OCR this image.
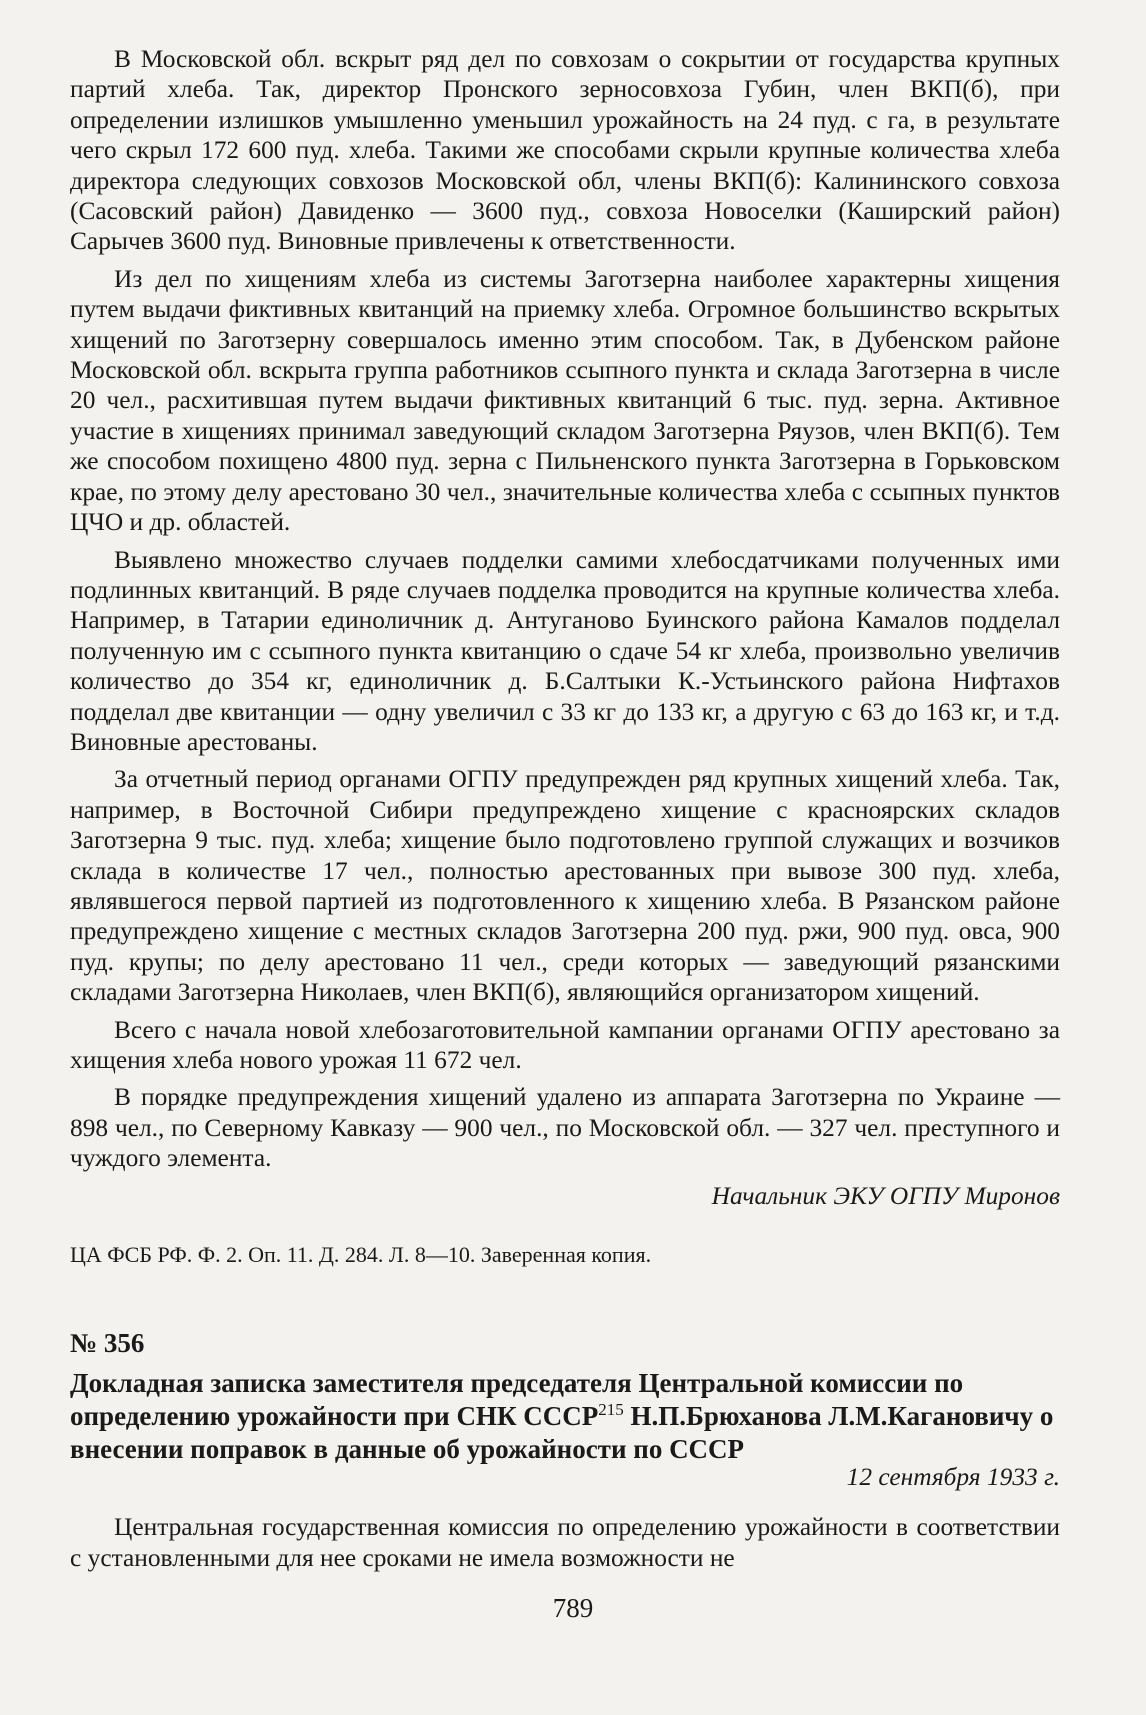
В Московской обл. вскрыт ряд дел по совхозам о сокрытии от государства крупных партий хлеба. Так, директор Пронского зерносовхоза Губин, член ВКП(б), при определении излишков умышленно уменьшил урожайность на 24 пуд. с га, в результате чего скрыл 172 600 пуд. хлеба. Такими же способами скрыли крупные количества хлеба директора следующих совхозов Московской обл, члены ВКП(б): Калининского совхоза (Сасовский район) Давиденко — 3600 пуд., совхоза Новоселки (Каширский район) Сарычев 3600 пуд. Виновные привлечены к ответственности.

Из дел по хищениям хлеба из системы Заготзерна наиболее характерны хищения путем выдачи фиктивных квитанций на приемку хлеба. Огромное большинство вскрытых хищений по Заготзерну совершалось именно этим способом. Так, в Дубенском районе Московской обл. вскрыта группа работников ссыпного пункта и склада Заготзерна в числе 20 чел., расхитившая путем выдачи фиктивных квитанций 6 тыс. пуд. зерна. Активное участие в хищениях принимал заведующий складом Заготзерна Ряузов, член ВКП(б). Тем же способом похищено 4800 пуд. зерна с Пильненского пункта Заготзерна в Горьковском крае, по этому делу арестовано 30 чел., значительные количества хлеба с ссыпных пунктов ЦЧО и др. областей.

Выявлено множество случаев подделки самими хлебосдатчиками полученных ими подлинных квитанций. В ряде случаев подделка проводится на крупные количества хлеба. Например, в Татарии единоличник д. Антуганово Буинского района Камалов подделал полученную им с ссыпного пункта квитанцию о сдаче 54 кг хлеба, произвольно увеличив количество до 354 кг, единоличник д. Б.Салтыки К.-Устьинского района Нифтахов подделал две квитанции — одну увеличил с 33 кг до 133 кг, а другую с 63 до 163 кг, и т.д. Виновные арестованы.

За отчетный период органами ОГПУ предупрежден ряд крупных хищений хлеба. Так, например, в Восточной Сибири предупреждено хищение с красноярских складов Заготзерна 9 тыс. пуд. хлеба; хищение было подготовлено группой служащих и возчиков склада в количестве 17 чел., полностью арестованных при вывозе 300 пуд. хлеба, являвшегося первой партией из подготовленного к хищению хлеба. В Рязанском районе предупреждено хищение с местных складов Заготзерна 200 пуд. ржи, 900 пуд. овса, 900 пуд. крупы; по делу арестовано 11 чел., среди которых — заведующий рязанскими складами Заготзерна Николаев, член ВКП(б), являющийся организатором хищений.

Всего с начала новой хлебозаготовительной кампании органами ОГПУ арестовано за хищения хлеба нового урожая 11 672 чел.

В порядке предупреждения хищений удалено из аппарата Заготзерна по Украине — 898 чел., по Северному Кавказу — 900 чел., по Московской обл. — 327 чел. преступного и чуждого элемента.

Начальник ЭКУ ОГПУ Миронов

ЦА ФСБ РФ. Ф. 2. Оп. 11. Д. 284. Л. 8—10. Заверенная копия.

№ 356

Докладная записка заместителя председателя Центральной комиссии по определению урожайности при СНК СССР$^{215}$ Н.П.Брюханова Л.М.Кагановичу о внесении поправок в данные об урожайности по СССР

12 сентября 1933 г.

Центральная государственная комиссия по определению урожайности в соответствии с установленными для нее сроками не имела возможности не

789
